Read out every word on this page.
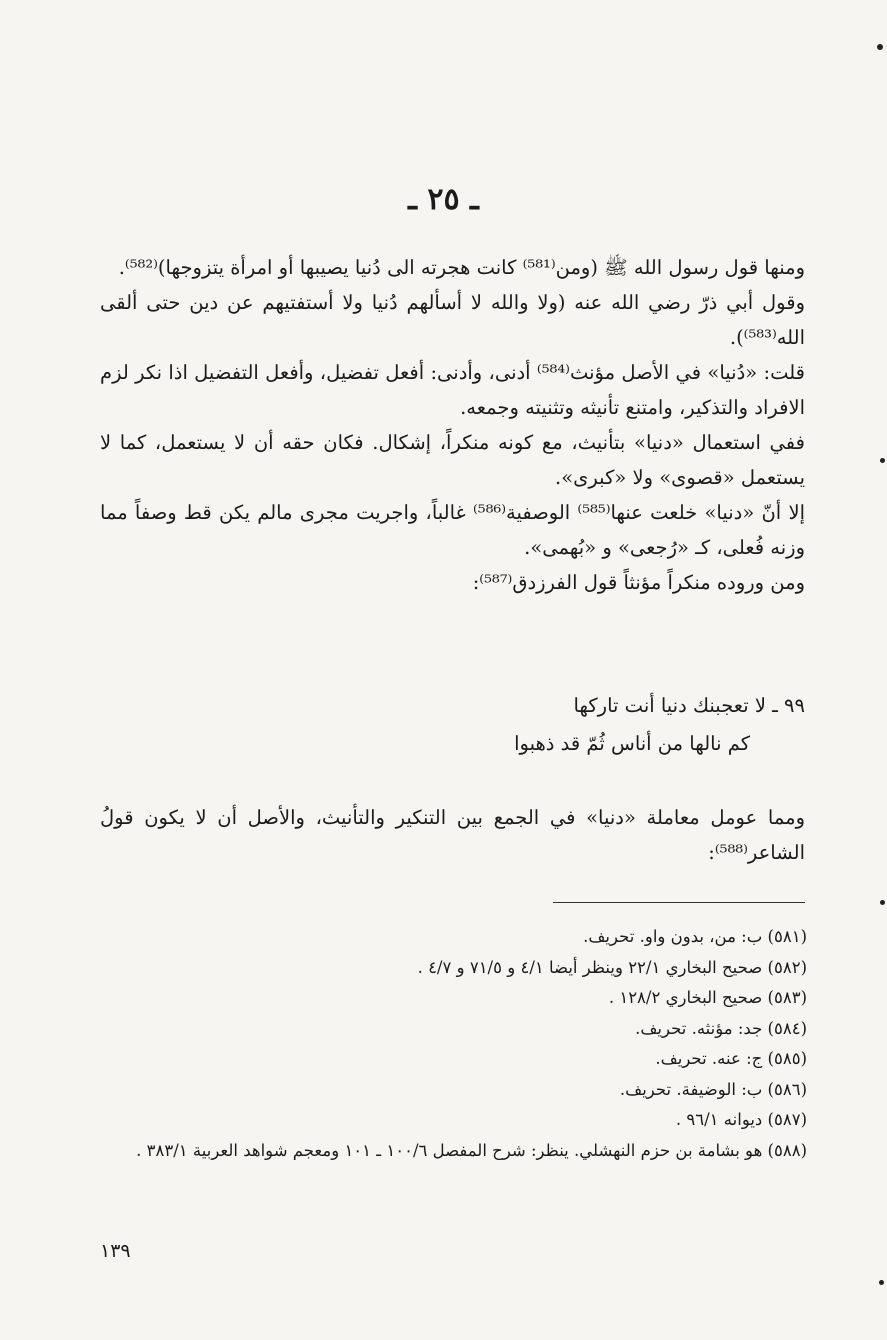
ـ ٢٥ ـ

ومنها قول رسول الله ﷺ (ومن⁽⁵⁸¹⁾ كانت هجرته الى دُنيا يصيبها أو امرأة يتزوجها)⁽⁵⁸²⁾.

وقول أبي ذرّ رضي الله عنه (ولا والله لا أسألهم دُنيا ولا أستفتيهم عن دين حتى ألقى الله⁽⁵⁸³⁾).

قلت: «دُنيا» في الأصل مؤنث⁽⁵⁸⁴⁾ أدنى، وأدنى: أفعل تفضيل، وأفعل التفضيل اذا نكر لزم الافراد والتذكير، وامتنع تأنيثه وتثنيته وجمعه.

ففي استعمال «دنيا» بتأنيث، مع كونه منكراً، إشكال. فكان حقه أن لا يستعمل، كما لا يستعمل «قصوى» ولا «كبرى».

إلا أنّ «دنيا» خلعت عنها⁽⁵⁸⁵⁾ الوصفية⁽⁵⁸⁶⁾ غالباً، واجريت مجرى مالم يكن قط وصفاً مما وزنه فُعلى، كـ «رُجعى» و «بُهمى».

ومن وروده منكراً مؤنثاً قول الفرزدق⁽⁵⁸⁷⁾:

٩٩ ـ لا تعجبنك دنيا أنت تاركها
كم نالها من أناس ثُمّ قد ذهبوا

ومما عومل معاملة «دنيا» في الجمع بين التنكير والتأنيث، والأصل أن لا يكون قولُ الشاعر⁽⁵⁸⁸⁾:

(٥٨١) ب: من، بدون واو. تحريف.
(٥٨٢) صحيح البخاري ٢٢/١ وينظر أيضا ٤/١ و ٧١/٥ و ٤/٧ .
(٥٨٣) صحيح البخاري ١٢٨/٢ .
(٥٨٤) جد: مؤنثه. تحريف.
(٥٨٥) ج: عنه. تحريف.
(٥٨٦) ب: الوضيفة. تحريف.
(٥٨٧) ديوانه ٩٦/١ .
(٥٨٨) هو بشامة بن حزم النهشلي. ينظر: شرح المفصل ١٠٠/٦ ـ ١٠١ ومعجم شواهد العربية ٣٨٣/١ .
١٣٩
